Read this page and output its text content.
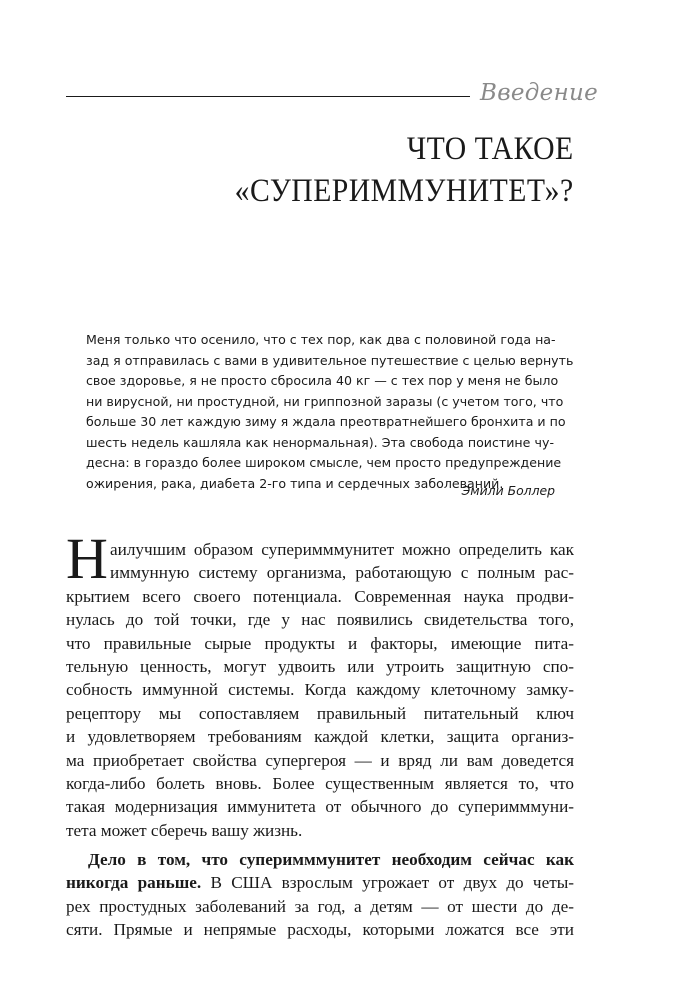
Введение
ЧТО ТАКОЕ
«СУПЕРИММУНИТЕТ»?
Меня только что осенило, что с тех пор, как два с половиной года на-
зад я отправилась с вами в удивительное путешествие с целью вернуть
свое здоровье, я не просто сбросила 40 кг — с тех пор у меня не было
ни вирусной, ни простудной, ни гриппозной заразы (с учетом того, что
больше 30 лет каждую зиму я ждала преотвратнейшего бронхита и по
шесть недель кашляла как ненормальная). Эта свобода поистине чу-
десна: в гораздо более широком смысле, чем просто предупреждение
ожирения, рака, диабета 2-го типа и сердечных заболеваний.
Эмили Боллер
Н аилучшим образом суперимммунитет можно определить как
иммунную систему организма, работающую с полным рас-
крытием всего своего потенциала. Современная наука продви-
нулась до той точки, где у нас появились свидетельства того,
что правильные сырые продукты и факторы, имеющие пита-
тельную ценность, могут удвоить или утроить защитную спо-
собность иммунной системы. Когда каждому клеточному замку-
рецептору мы сопоставляем правильный питательный ключ
и удовлетворяем требованиям каждой клетки, защита организ-
ма приобретает свойства супергероя — и вряд ли вам доведется
когда-либо болеть вновь. Более существенным является то, что
такая модернизация иммунитета от обычного до суперимммуни-
тета может сберечь вашу жизнь.
Дело в том, что суперимммунитет необходим сейчас как
никогда раньше. В США взрослым угрожает от двух до четы-
рех простудных заболеваний за год, а детям — от шести до де-
сяти. Прямые и непрямые расходы, которыми ложатся все эти
